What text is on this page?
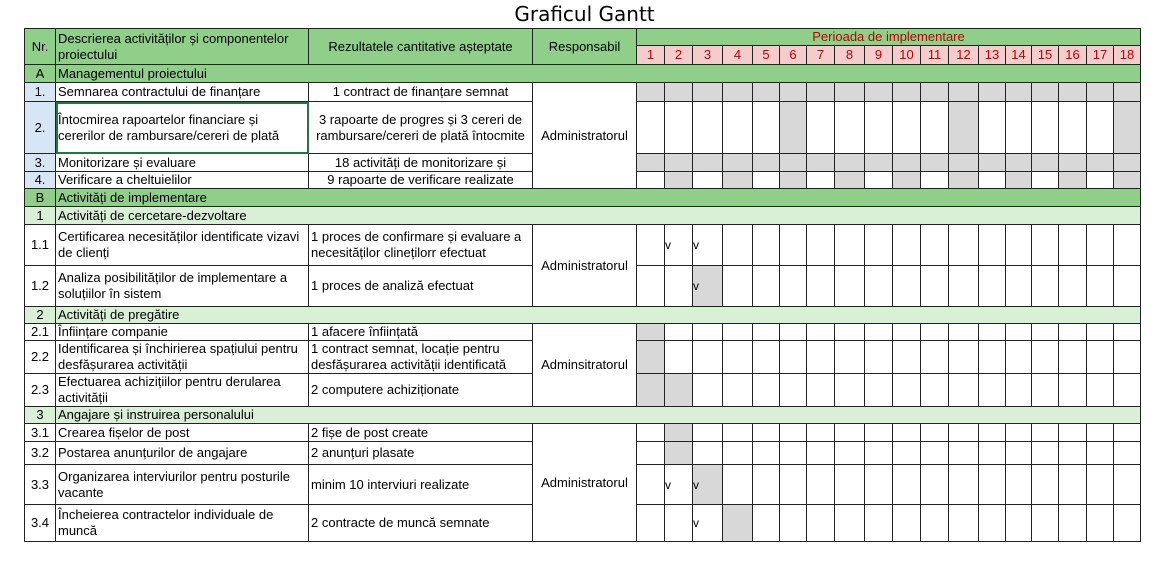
Graficul Gantt
Nr.	Descrierea activităților și componentelor proiectului	Rezultatele cantitative așteptate	Responsabil	Perioada de implementare																	
				1	2	3	4	5	6	7	8	9	10	11	12	13	14	15	16	17	18
A	Managementul proiectului																				
1.	Semnarea contractului de finanțare	1 contract de finanțare semnat	Administratorul																		
2.	Întocmirea rapoartelor financiare și cererilor de rambursare/cereri de plată	3 rapoarte de progres și 3 cereri de rambursare/cereri de plată întocmite																			
3.	Monitorizare și evaluare	18 activități de monitorizare și																			
4.	Verificare a cheltuielilor	9 rapoarte de verificare realizate																			
B	Activități de implementare																				
1	Activități de cercetare-dezvoltare																				
1.1	Certificarea necesităților identificate vizavi de clienți	1 proces de confirmare și evaluare a necesităților clinețilorr efectuat	Administratorul		v	v															
1.2	Analiza posibilităților de implementare a soluțiilor în sistem	1 proces de analiză efectuat				v															
2	Activități de pregătire																				
2.1	Înființare companie	1 afacere înființată	Adminsitratorul																		
2.2	Identificarea și închirierea spațiului pentru desfășurarea activității	1 contract semnat, locație pentru desfășurarea activității identificată																			
2.3	Efectuarea achizițiilor pentru derularea activității	2 computere achiziționate																			
3	Angajare și instruirea personalului																				
3.1	Crearea fișelor de post	2 fișe de post create	Administratorul																		
3.2	Postarea anunțurilor de angajare	2 anunțuri plasate																			
3.3	Organizarea interviurilor pentru posturile vacante	minim 10 interviuri realizate			v	v															
3.4	Încheierea contractelor individuale de muncă	2 contracte de muncă semnate				v															
